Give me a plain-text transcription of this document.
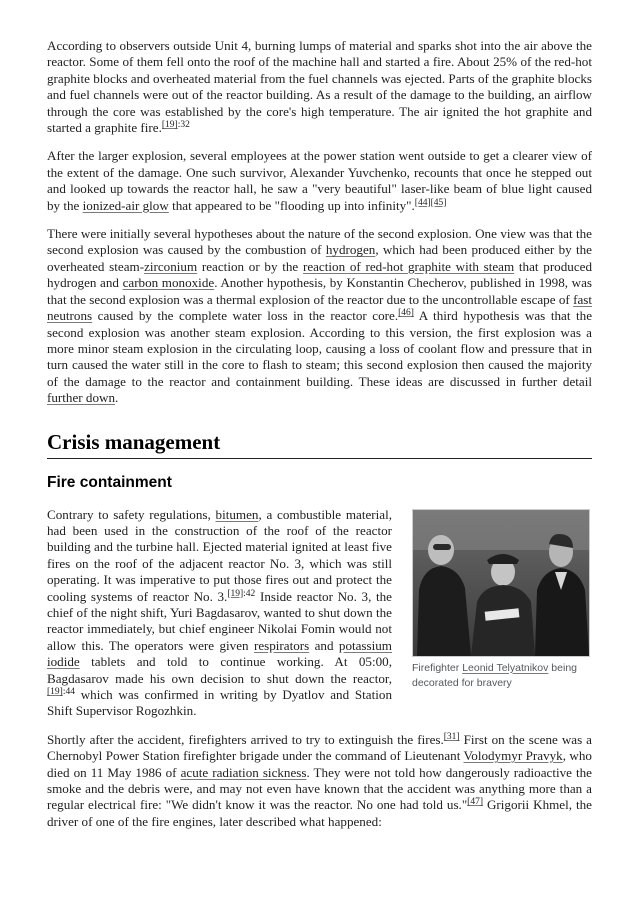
According to observers outside Unit 4, burning lumps of material and sparks shot into the air above the reactor. Some of them fell onto the roof of the machine hall and started a fire. About 25% of the red-hot graphite blocks and overheated material from the fuel channels was ejected. Parts of the graphite blocks and fuel channels were out of the reactor building. As a result of the damage to the building, an airflow through the core was established by the core's high temperature. The air ignited the hot graphite and started a graphite fire.$^{[19]:32}$

After the larger explosion, several employees at the power station went outside to get a clearer view of the extent of the damage. One such survivor, Alexander Yuvchenko, recounts that once he stepped out and looked up towards the reactor hall, he saw a "very beautiful" laser-like beam of blue light caused by the ionized-air glow that appeared to be "flooding up into infinity".[44][45]

There were initially several hypotheses about the nature of the second explosion. One view was that the second explosion was caused by the combustion of hydrogen, which had been produced either by the overheated steam-zirconium reaction or by the reaction of red-hot graphite with steam that produced hydrogen and carbon monoxide. Another hypothesis, by Konstantin Checherov, published in 1998, was that the second explosion was a thermal explosion of the reactor due to the uncontrollable escape of fast neutrons caused by the complete water loss in the reactor core.[46] A third hypothesis was that the second explosion was another steam explosion. According to this version, the first explosion was a more minor steam explosion in the circulating loop, causing a loss of coolant flow and pressure that in turn caused the water still in the core to flash to steam; this second explosion then caused the majority of the damage to the reactor and containment building. These ideas are discussed in further detail further down.

Crisis management
Fire containment
Firefighter Leonid Telyatnikov being decorated for bravery

Contrary to safety regulations, bitumen, a combustible material, had been used in the construction of the roof of the reactor building and the turbine hall. Ejected material ignited at least five fires on the roof of the adjacent reactor No. 3, which was still operating. It was imperative to put those fires out and protect the cooling systems of reactor No. 3.$^{[19]:42}$ Inside reactor No. 3, the chief of the night shift, Yuri Bagdasarov, wanted to shut down the reactor immediately, but chief engineer Nikolai Fomin would not allow this. The operators were given respirators and potassium iodide tablets and told to continue working. At 05:00, Bagdasarov made his own decision to shut down the reactor,$^{[19]:44}$ which was confirmed in writing by Dyatlov and Station Shift Supervisor Rogozhkin.

Shortly after the accident, firefighters arrived to try to extinguish the fires.[31] First on the scene was a Chernobyl Power Station firefighter brigade under the command of Lieutenant Volodymyr Pravyk, who died on 11 May 1986 of acute radiation sickness. They were not told how dangerously radioactive the smoke and the debris were, and may not even have known that the accident was anything more than a regular electrical fire: "We didn't know it was the reactor. No one had told us."[47] Grigorii Khmel, the driver of one of the fire engines, later described what happened:
